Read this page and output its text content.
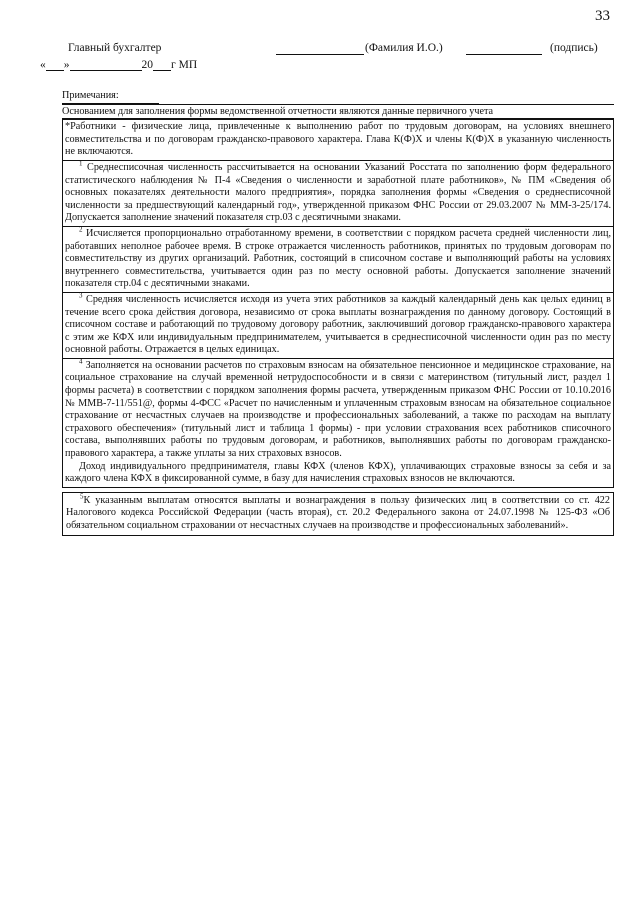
33
Главный бухгалтер	(Фамилия И.О.)	(подпись)
« »	20 г МП

Примечания:

Основанием для заполнения формы ведомственной отчетности являются данные первичного учета

*Работники - физические лица, привлеченные к выполнению работ по трудовым договорам, на условиях внешнего совместительства и по договорам гражданско-правового характера. Глава К(Ф)Х и члены К(Ф)Х в указанную численность не включаются.

$^1$ Среднесписочная численность рассчитывается на основании Указаний Росстата по заполнению форм федерального статистического наблюдения № П-4 «Сведения о численности и заработной плате работников», № ПМ «Сведения об основных показателях деятельности малого предприятия», порядка заполнения формы «Сведения о среднесписочной численности за предшествующий календарный год», утвержденной приказом ФНС России от 29.03.2007 № ММ-3-25/174. Допускается заполнение значений показателя стр.03 с десятичными знаками.
$^2$ Исчисляется пропорционально отработанному времени, в соответствии с порядком расчета средней численности лиц, работавших неполное рабочее время. В строке отражается численность работников, принятых по трудовым договорам по совместительству из других организаций. Работник, состоящий в списочном составе и выполняющий работы на условиях внутреннего совместительства, учитывается один раз по месту основной работы. Допускается заполнение значений показателя стр.04 с десятичными знаками.
$^3$ Средняя численность исчисляется исходя из учета этих работников за каждый календарный день как целых единиц в течение всего срока действия договора, независимо от срока выплаты вознаграждения по данному договору. Состоящий в списочном составе и работающий по трудовому договору работник, заключивший договор гражданско-правового характера с этим же КФХ или индивидуальным предпринимателем, учитывается в среднесписочной численности один раз по месту основной работы. Отражается в целых единицах.
$^4$ Заполняется на основании расчетов по страховым взносам на обязательное пенсионное и медицинское страхование, на социальное страхование на случай временной нетрудоспособности и в связи с материнством (титульный лист, раздел 1 формы расчета) в соответствии с порядком заполнения формы расчета, утвержденным приказом ФНС России от 10.10.2016 № ММВ-7-11/551@, формы 4-ФСС «Расчет по начисленным и уплаченным страховым взносам на обязательное социальное страхование от несчастных случаев на производстве и профессиональных заболеваний, а также по расходам на выплату страхового обеспечения» (титульный лист и таблица 1 формы) - при условии страхования всех работников списочного состава, выполнявших работы по трудовым договорам, и работников, выполнявших работы по договорам гражданско-правового характера, а также уплаты за них страховых взносов.

Доход индивидуального предпринимателя, главы КФХ (членов КФХ), уплачивающих страховые взносы за себя и за каждого члена КФХ в фиксированной сумме, в базу для начисления страховых взносов не включаются.

$^5$К указанным выплатам относятся выплаты и вознаграждения в пользу физических лиц в соответствии со ст. 422 Налогового кодекса Российской Федерации (часть вторая), ст. 20.2 Федерального закона от 24.07.1998 № 125-ФЗ «Об обязательном социальном страховании от несчастных случаев на производстве и профессиональных заболеваний».
